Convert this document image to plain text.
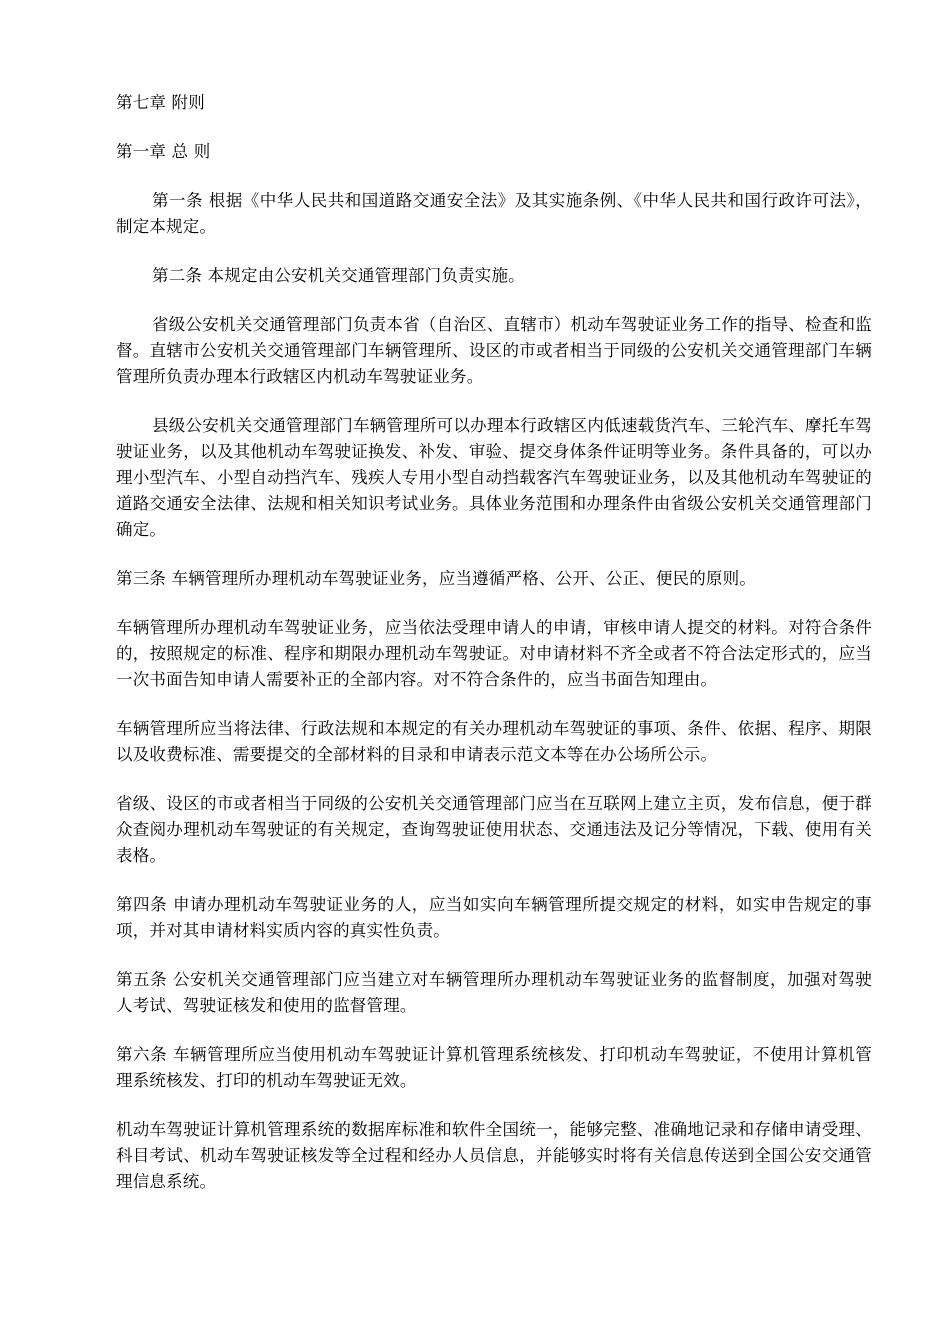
第七章 附则

第一章 总 则

第一条 根据《中华人民共和国道路交通安全法》及其实施条例、《中华人民共和国行政许可法》，制定本规定。

第二条 本规定由公安机关交通管理部门负责实施。

省级公安机关交通管理部门负责本省（自治区、直辖市）机动车驾驶证业务工作的指导、检查和监督。直辖市公安机关交通管理部门车辆管理所、设区的市或者相当于同级的公安机关交通管理部门车辆管理所负责办理本行政辖区内机动车驾驶证业务。

县级公安机关交通管理部门车辆管理所可以办理本行政辖区内低速载货汽车、三轮汽车、摩托车驾驶证业务，以及其他机动车驾驶证换发、补发、审验、提交身体条件证明等业务。条件具备的，可以办理小型汽车、小型自动挡汽车、残疾人专用小型自动挡载客汽车驾驶证业务，以及其他机动车驾驶证的道路交通安全法律、法规和相关知识考试业务。具体业务范围和办理条件由省级公安机关交通管理部门确定。

第三条 车辆管理所办理机动车驾驶证业务，应当遵循严格、公开、公正、便民的原则。

车辆管理所办理机动车驾驶证业务，应当依法受理申请人的申请，审核申请人提交的材料。对符合条件的，按照规定的标准、程序和期限办理机动车驾驶证。对申请材料不齐全或者不符合法定形式的，应当一次书面告知申请人需要补正的全部内容。对不符合条件的，应当书面告知理由。

车辆管理所应当将法律、行政法规和本规定的有关办理机动车驾驶证的事项、条件、依据、程序、期限以及收费标准、需要提交的全部材料的目录和申请表示范文本等在办公场所公示。

省级、设区的市或者相当于同级的公安机关交通管理部门应当在互联网上建立主页，发布信息，便于群众查阅办理机动车驾驶证的有关规定，查询驾驶证使用状态、交通违法及记分等情况，下载、使用有关表格。

第四条 申请办理机动车驾驶证业务的人，应当如实向车辆管理所提交规定的材料，如实申告规定的事项，并对其申请材料实质内容的真实性负责。

第五条 公安机关交通管理部门应当建立对车辆管理所办理机动车驾驶证业务的监督制度，加强对驾驶人考试、驾驶证核发和使用的监督管理。

第六条 车辆管理所应当使用机动车驾驶证计算机管理系统核发、打印机动车驾驶证，不使用计算机管理系统核发、打印的机动车驾驶证无效。

机动车驾驶证计算机管理系统的数据库标准和软件全国统一，能够完整、准确地记录和存储申请受理、科目考试、机动车驾驶证核发等全过程和经办人员信息，并能够实时将有关信息传送到全国公安交通管理信息系统。
